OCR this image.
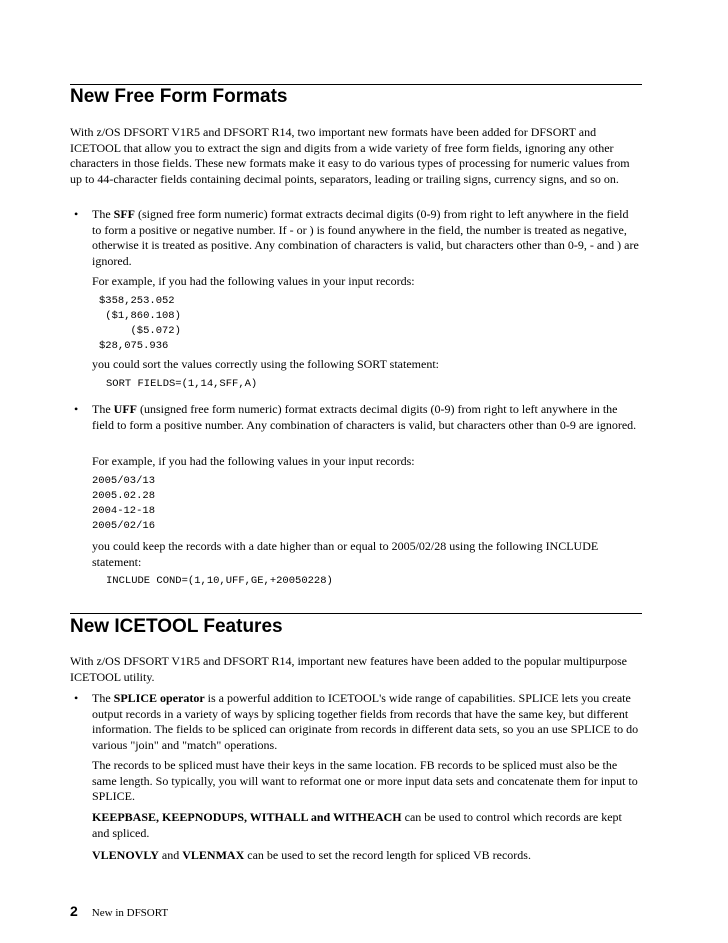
New Free Form Formats

With z/OS DFSORT V1R5 and DFSORT R14, two important new formats have been added for DFSORT and ICETOOL that allow you to extract the sign and digits from a wide variety of free form fields, ignoring any other characters in those fields. These new formats make it easy to do various types of processing for numeric values from up to 44-character fields containing decimal points, separators, leading or trailing signs, currency signs, and so on.

• The SFF (signed free form numeric) format extracts decimal digits (0-9) from right to left anywhere in the field to form a positive or negative number. If - or ) is found anywhere in the field, the number is treated as negative, otherwise it is treated as positive. Any combination of characters is valid, but characters other than 0-9, - and ) are ignored.

For example, if you had the following values in your input records:

$358,253.052
($1,860.108)
($5.072)
$28,075.936

you could sort the values correctly using the following SORT statement:

SORT FIELDS=(1,14,SFF,A)
• The UFF (unsigned free form numeric) format extracts decimal digits (0-9) from right to left anywhere in the field to form a positive number. Any combination of characters is valid, but characters other than 0-9 are ignored.

For example, if you had the following values in your input records:

2005/03/13
2005.02.28
2004-12-18
2005/02/16

you could keep the records with a date higher than or equal to 2005/02/28 using the following INCLUDE statement:

INCLUDE COND=(1,10,UFF,GE,+20050228)
New ICETOOL Features

With z/OS DFSORT V1R5 and DFSORT R14, important new features have been added to the popular multipurpose ICETOOL utility.

• The SPLICE operator is a powerful addition to ICETOOL's wide range of capabilities. SPLICE lets you create output records in a variety of ways by splicing together fields from records that have the same key, but different information. The fields to be spliced can originate from records in different data sets, so you an use SPLICE to do various "join" and "match" operations.

The records to be spliced must have their keys in the same location. FB records to be spliced must also be the same length. So typically, you will want to reformat one or more input data sets and concatenate them for input to SPLICE.

KEEPBASE, KEEPNODUPS, WITHALL and WITHEACH can be used to control which records are kept and spliced.

VLENOVLY and VLENMAX can be used to set the record length for spliced VB records.

2 New in DFSORT
